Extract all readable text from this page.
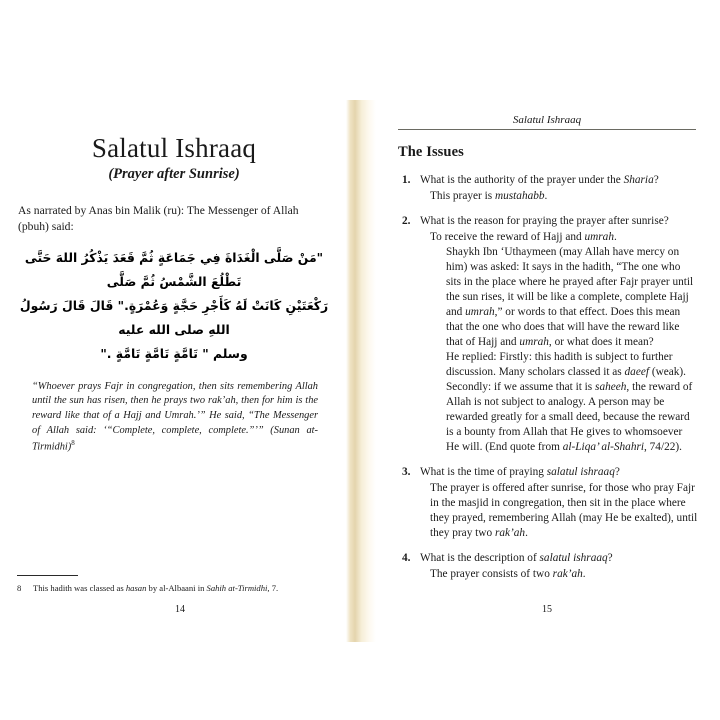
Salatul Ishraaq
(Prayer after Sunrise)

As narrated by Anas bin Malik (ru): The Messenger of Allah (pbuh) said:

"مَنْ صَلَّى الْغَدَاةَ فِي جَمَاعَةٍ ثُمَّ قَعَدَ يَذْكُرُ اللهَ حَتَّى تَطْلُعَ الشَّمْسُ ثُمَّ صَلَّى
رَكْعَتَيْنِ كَانَتْ لَهُ كَأَجْرِ حَجَّةٍ وَعُمْرَةٍ." قَالَ قَالَ رَسُولُ اللهِ صلى الله عليه
وسلم " تَامَّةٍ تَامَّةٍ تَامَّةٍ ."

“Whoever prays Fajr in congregation, then sits remembering Allah until the sun has risen, then he prays two rak’ah, then for him is the reward like that of a Hajj and Umrah.’” He said, “The Messenger of Allah said: ‘“Complete, complete, complete.”’” (Sunan at-Tirmidhi)$^8$

8	This hadith was classed as hasan by al-Albaani in Sahih at-Tirmidhi, 7.
14
Salatul Ishraaq
The Issues
What is the authority of the prayer under the Sharia?
This prayer is mustahabb.
What is the reason for praying the prayer after sunrise?
To receive the reward of Hajj and umrah.
Shaykh Ibn ‘Uthaymeen (may Allah have mercy on him) was asked: It says in the hadith, “The one who sits in the place where he prayed after Fajr prayer until the sun rises, it will be like a complete, complete Hajj and umrah,” or words to that effect. Does this mean that the one who does that will have the reward like that of Hajj and umrah, or what does it mean?
He replied: Firstly: this hadith is subject to further discussion. Many scholars classed it as daeef (weak). Secondly: if we assume that it is saheeh, the reward of Allah is not subject to analogy. A person may be rewarded greatly for a small deed, because the reward is a bounty from Allah that He gives to whomsoever He will. (End quote from al-Liqa’ al-Shahri, 74/22).
What is the time of praying salatul ishraaq?
The prayer is offered after sunrise, for those who pray Fajr in the masjid in congregation, then sit in the place where they prayed, remembering Allah (may He be exalted), until they pray two rak’ah.
What is the description of salatul ishraaq?
The prayer consists of two rak’ah.
15
